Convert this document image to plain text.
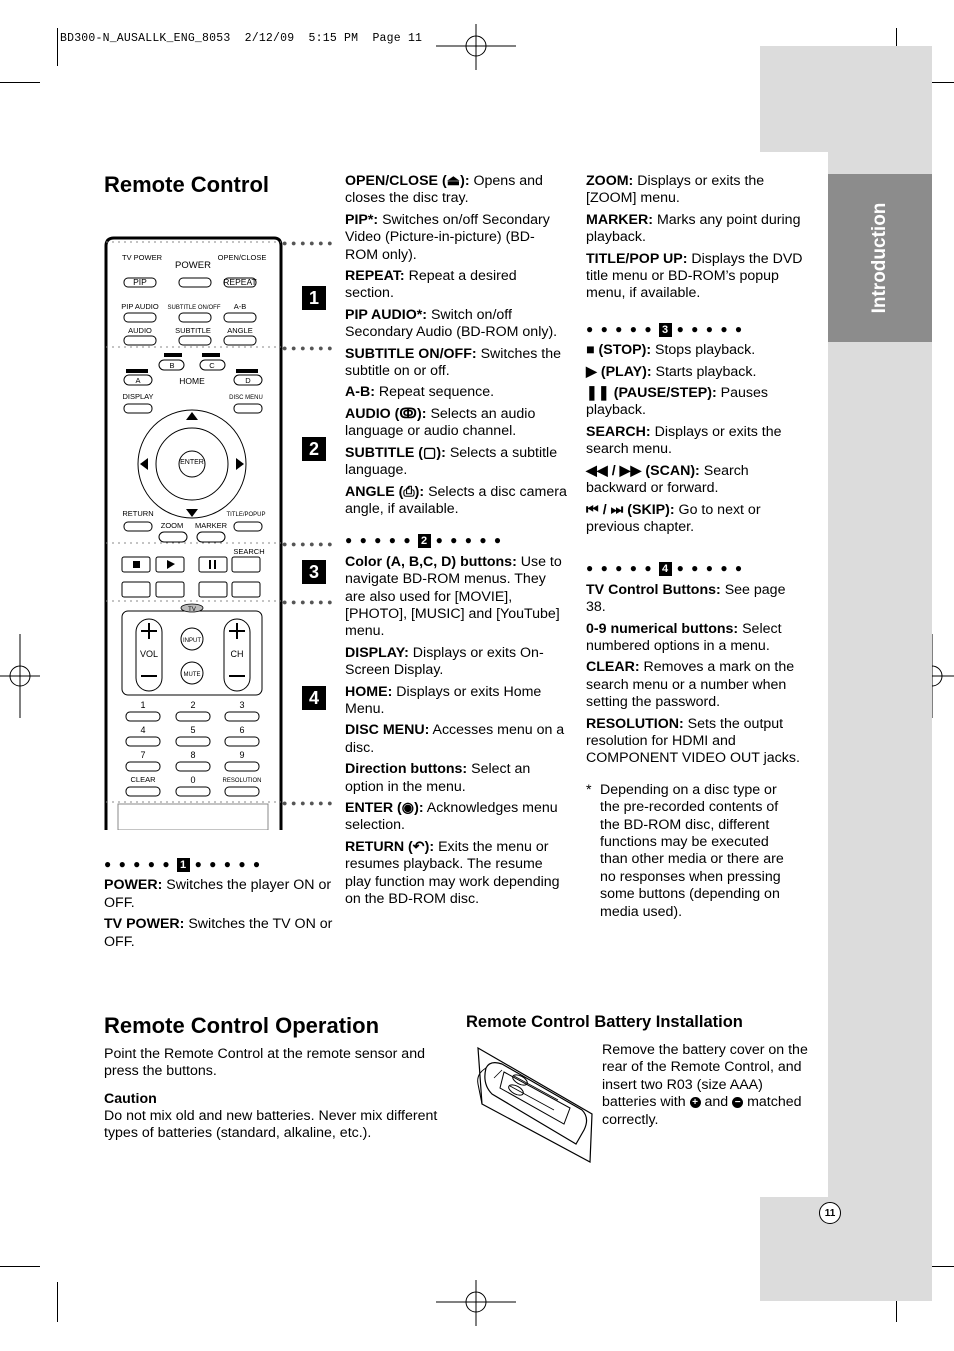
BD300-N_AUSALLK_ENG_8053  2/12/09  5:15 PM  Page 11
Introduction
11
Remote Control
TV POWER
POWER
OPEN/CLOSE
PIP	REPEAT
PIP AUDIO SUBTITLE ON/OFF A-B
AUDIO	SUBTITLE ANGLE
B	C
A	HOME	D
DISPLAY	DISC MENU
ENTER
RETURN
ZOOM MARKER
TITLE/POPUP
SEARCH
TV
VOL	CH
INPUT
MUTE
1	2	3
4	5	6
7	8	9
CLEAR	0	RESOLUTION
●●●●●●
●●●●●●
●●●●●●
●●●●●●
●●●●●●
1
2
3
4
● ● ● ● ● 1 ● ● ● ● ●

POWER: Switches the player ON or OFF.

TV POWER: Switches the TV ON or OFF.

OPEN/CLOSE (⏏): Opens and closes the disc tray.

PIP*: Switches on/off Secondary Video (Picture-in-picture) (BD-ROM only).

REPEAT: Repeat a desired section.

PIP AUDIO*: Switch on/off Secondary Audio (BD-ROM only).

SUBTITLE ON/OFF: Switches the subtitle on or off.

A-B: Repeat sequence.

AUDIO (ↂ): Selects an audio language or audio channel.

SUBTITLE (▢): Selects a subtitle language.

ANGLE (⎙): Selects a disc camera angle, if available.

● ● ● ● ● 2 ● ● ● ● ●

Color (A, B,C, D) buttons: Use to navigate BD-ROM menus. They are also used for [MOVIE], [PHOTO], [MUSIC] and [YouTube] menu.

DISPLAY: Displays or exits On-Screen Display.

HOME: Displays or exits Home Menu.

DISC MENU: Accesses menu on a disc.

Direction buttons: Select an option in the menu.

ENTER (◉): Acknowledges menu selection.

RETURN (↶): Exits the menu or resumes playback. The resume play function may work depending on the BD-ROM disc.

ZOOM: Displays or exits the [ZOOM] menu.

MARKER: Marks any point during playback.

TITLE/POP UP: Displays the DVD title menu or BD-ROM’s popup menu, if available.

● ● ● ● ● 3 ● ● ● ● ●

■ (STOP): Stops playback.

▶ (PLAY): Starts playback.

❚❚ (PAUSE/STEP): Pauses playback.

SEARCH: Displays or exits the search menu.

◀◀ / ▶▶ (SCAN): Search backward or forward.

⏮ / ⏭ (SKIP): Go to next or previous chapter.

● ● ● ● ● 4 ● ● ● ● ●

TV Control Buttons: See page 38.

0-9 numerical buttons: Select numbered options in a menu.

CLEAR: Removes a mark on the search menu or a number when setting the password.

RESOLUTION: Sets the output resolution for HDMI and COMPONENT VIDEO OUT jacks.

* Depending on a disc type or the pre-recorded contents of the BD-ROM disc, different functions may be executed than other media or there are no responses when pressing some buttons (depending on media used).
Remote Control Operation
Point the Remote Control at the remote sensor and press the buttons.
Caution
Do not mix old and new batteries. Never mix different types of batteries (standard, alkaline, etc.).
Remote Control Battery Installation
Remove the battery cover on the rear of the Remote Control, and insert two R03 (size AAA) batteries with + and − matched correctly.
